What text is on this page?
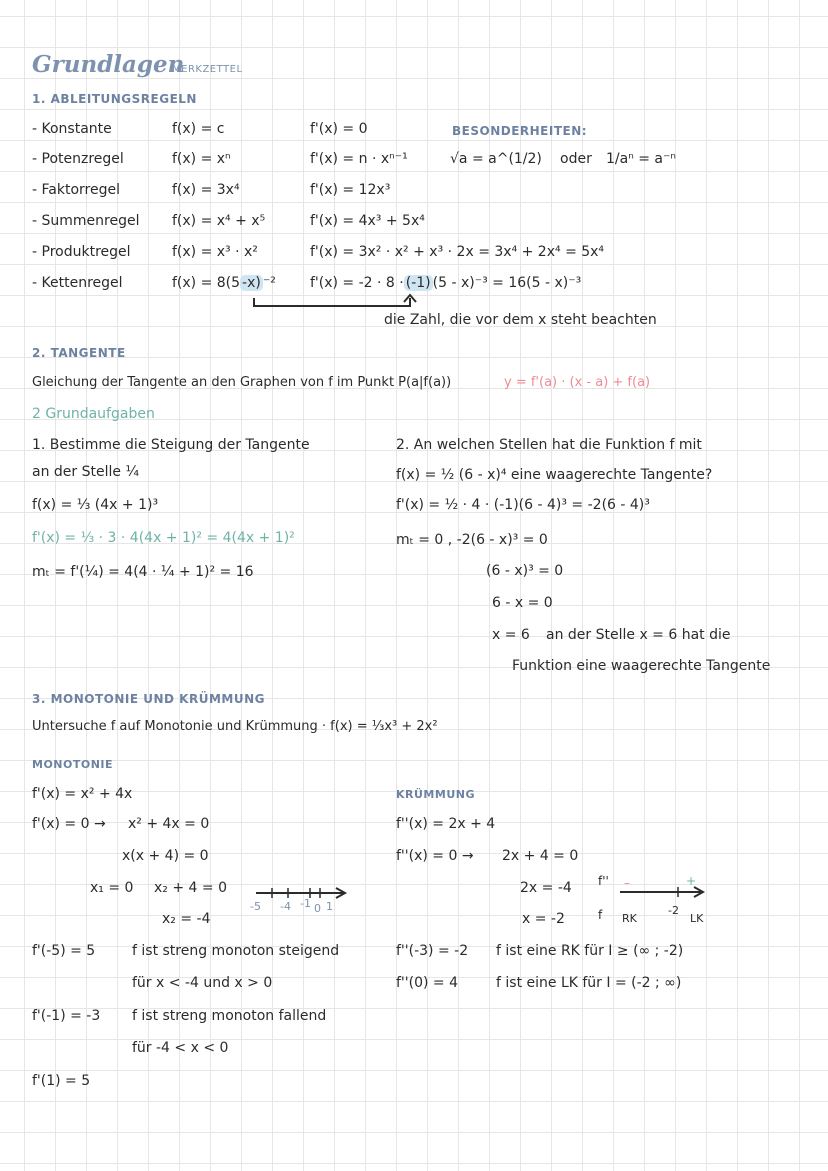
Grundlagen
MERKZETTEL
1. ABLEITUNGSREGELN
- Konstante	f(x) = c	f'(x) = 0
- Potenzregel	f(x) = xⁿ	f'(x) = n · xⁿ⁻¹
- Faktorregel	f(x) = 3x⁴	f'(x) = 12x³
- Summenregel f(x) = x⁴ + x⁵	f'(x) = 4x³ + 5x⁴
- Produktregel	f(x) = x³ · x²	f'(x) = 3x² · x² + x³ · 2x = 3x⁴ + 2x⁴ = 5x⁴
- Kettenregel	f(x) = 8(5 -x) ⁻² f'(x) = -2 · 8 · (-1) (5 - x)⁻³ = 16(5 - x)⁻³
BESONDERHEITEN:
√a = a^(1/2) oder 1/aⁿ = a⁻ⁿ
die Zahl, die vor dem x steht beachten
2. TANGENTE
Gleichung der Tangente an den Graphen von f im Punkt P(a|f(a))	y = f'(a) · (x - a) + f(a)
2 Grundaufgaben
1. Bestimme die Steigung der Tangente
an der Stelle ¼
f(x) = ⅓ (4x + 1)³
f'(x) = ⅓ · 3 · 4(4x + 1)² = 4(4x + 1)²
mₜ = f'(¼) = 4(4 · ¼ + 1)² = 16
2. An welchen Stellen hat die Funktion f mit
f(x) = ½ (6 - x)⁴ eine waagerechte Tangente?
f'(x) = ½ · 4 · (-1)(6 - 4)³ = -2(6 - 4)³
mₜ = 0 , -2(6 - x)³ = 0
(6 - x)³ = 0
6 - x = 0
x = 6 an der Stelle x = 6 hat die
Funktion eine waagerechte Tangente
3. MONOTONIE UND KRÜMMUNG
Untersuche f auf Monotonie und Krümmung · f(x) = ⅓x³ + 2x²
MONOTONIE
f'(x) = x² + 4x
f'(x) = 0 → x² + 4x = 0
x(x + 4) = 0
x₁ = 0 x₂ + 4 = 0
x₂ = -4
f'(-5) = 5	f ist streng monoton steigend
für x < -4 und x > 0
f'(-1) = -3 f ist streng monoton fallend
für -4 < x < 0
f'(1) = 5
-5 -4 -1 0 1
KRÜMMUNG
f''(x) = 2x + 4
f''(x) = 0 → 2x + 4 = 0
2x = -4
x = -2
f''(-3) = -2 f ist eine RK für I ≥ (∞ ; -2)
f''(0) = 4	f ist eine LK für I = (-2 ; ∞)
f'' –	+
f RK
-2
LK
